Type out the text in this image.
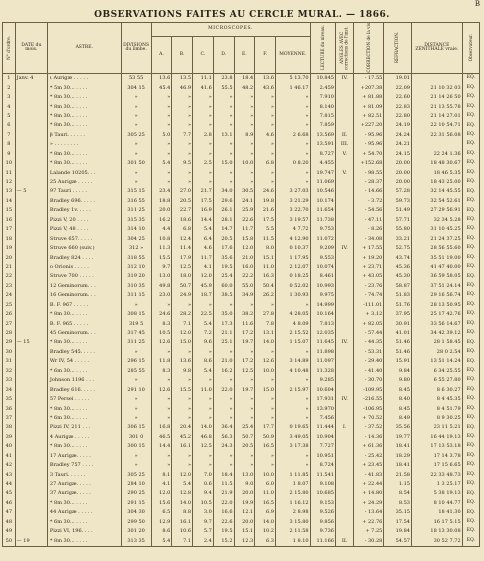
OBSERVATIONS FAITES AU CERCLE MURAL. — 1866.
B
N° d'ordre.	DATE du mois.	ASTRE.	DIVISIONS du limbe.	MICROSCOPES.							LECTURE du niveau.	ANGLES AVEC corrections de l'inst.	CORRECTION de la vis	RÉFRACTION.	DISTANCE ZÉNITHALE vraie.	Observateur.

				A.	B.	C.	D.	E.	F.	MOYENNE.						
1	Janv. 4	ι Aurigæ . . . . .	53 55	13.6	13.5	11.1	23.8	18.4	13.6	5 13.70	10.845	IV.	- 17.55	19.01		EQ.
2		* 5m 30... . . . .	304 15	45.4	46.9	41.6	55.5	48.2	43.6	1 46.17	2.459		+207.38	22.09	21 10 32 03	EQ.
3		* 8m 30... . . . .	»	»	»	»	»	»	»	»	7.910		+ 81.88	22.60	21 14 26 50	EQ.
4		* 8m 30... . . . .	»	»	»	»	»	»	»	»	8.140		+ 81.09	22.83	21 13 55.78	EQ.
5		* 8m 30... . . . .	»	»	»	»	»	»	»	»	7.815		+ 82.51	22.80	21 14 27.01	EQ.
6		* 8m 30... . . . .	»	»	»	»	»	»	»	»	7.859		+227.20	24.19	22 10 54.71	EQ.
7		β Tauri. . . . . .	305 25	5.0	7.7	2.8	13.1	8.9	4.6	2 6.68	13.569	II.	- 95.96	24.24	22 31 56.08	EQ.
8		» . . . . . . . .	»	»	»	»	»	»	»	»	13.591	III.	- 95.96	24.21		EQ.
9		* 8m 30... . . . .	»	»	»	»	»	»	»	»	8.727	V.	+ 54.70	24.15	22 24 1.36	EQ.
10		* 8m 30... . . . .	301 50	5.4	9.5	2.5	15.0	10.0	6.8	0 8.20	4.455		+152.68	20.00	18 48 30.67	EQ.
11		Lalande 10205. . .	»	»	»	»	»	»	»	»	19.747	V.	- 98.55	20.00	18 46 5.35	EQ.
12		25 Aurigæ . . . . .	»	»	»	»	»	»	»	»	11.069		- 28.37	20.00	18 43 25.00	EQ.
13	— 5	97 Tauri . . . . .	315 15	23.4	27.0	21.7	34.0	30.5	24.6	3 27.03	10.546		- 14.66	57.28	32 14 45.55	EQ.
14		Bradley 696. . . . .	316 55	18.8	20.5	17.5	29.6	24.1	19.8	3 21.29	10.174		- 3.72	59.73	32 54 52.61	EQ.
15		Bradley 1v. . . . .	311 25	20.0	22.7	16.9	26.1	25.9	21.6	3 22.70	11.654		- 54.56	51.49	27 29 56.91	EQ.
16		Pizzi V, 20 . . . .	315 35	16.2	18.6	14.4	28.1	22.6	17.5	3 19.57	11.738		- 47.11	57.71	32 34 5.28	EQ.
17		Pizzi V, 48 . . . .	314 10	4.4	6.8	5.4	14.7	11.7	5.5	4 7.72	9.753		- 8.26	55.80	31 10 45.25	EQ.
18		Struve 657. . . . .	304 25	10.8	12.4	6.4	20.5	15.8	11.5	4 12.90	11.072		- 34.08	33.21	21 24 37.25	EQ.
19		Struve 660 (suiv.)	312 »	11.3	11.4	4.6	17.6	12.0	8.0	0 10.37	9.209	IV.	+ 17.55	52.75	28 56 55.60	EQ.
20		Bradley 824 . . . .	318 55	15.5	17.9	11.7	35.6	21.0	15.1	1 17.95	9.553		+ 19.20	43.74	35 51 19.00	EQ.
21		ο Orionis . . . . .	312 10	9.7	12.5	4.1	19.5	16.0	11.0	2 12.07	10.074		+ 23.71	45.36	41 47 40.00	EQ.
22		Struve 700 . . . . .	319 20	13.0	18.0	12.0	25.4	22.2	16.3	0 18.25	8.461		+ 43.05	45.30	36 59 58.05	EQ.
23		12 Geminorum. . .	310 35	49.8	50.7	45.9	60.0	55.0	50.4	0 52.02	10.993		- 23.76	58.87	37 51 24.14	EQ.
24		16 Geminorum. . .	311 15	23.0	24.9	18.7	38.5	34.9	26.2	1 30.93	9.975		- 74.74	51.83	29 16 56.74	EQ.
25		B. F. 967 . . . . .	»	»	»	»	»	»	»	»	14.999		-111.01	51.76	28 13 50.95	EQ.
26		* 8m 30... . . . .	308 15	24.6	28.2	22.5	35.0	38.2	27.8	4 28.05	10.164		+ 3.12	37.95	25 17 42.76	EQ.
27		B. F. 965 . . . . .	319 5	8.3	7.1	5.4	17.3	11.6	7.8	4 8.09	7.813		+ 82.05	30.91	33 56 14.67	EQ.
28		45 Geminorum. . .	317 45	10.5	12.0	7.2	21.1	17.2	13.1	2 15.52	12.035		- 57.44	41.01	34 42 39.12	EQ.
29	— 15	* 8m 30... . . . .	311 25	12.6	15.0	9.6	25.1	19.7	14.0	1 15.07	11.645	IV.	- 44.35	51.46	28 1 58.45	EQ.
30		Bradley 545. . . . .	»	»	»	»	»	»	»	»	11.898		- 53.31	51.46	28 0 2.54	EQ.
31		Wr IV, 54 . . . . .	296 15	11.8	13.6	8.6	21.0	17.2	12.6	3 14.89	11.097		- 29.40	15.91	13 51 14.24	EQ.
32		* 6m 30... . . . .	285 55	8.3	9.8	5.4	16.2	12.5	10.0	4 10.48	11.328		- 41.40	9.84	6 34 25.55	EQ.
33		Johnson 1196 . . .	»	»	»	»	»	»	»	»	9.285		- 30.70	9.80	6 55 27.80	EQ.
34		Bradley 616. . . . .	291 10	12.6	15.5	11.0	22.0	19.7	15.0	2 15.97	10.604		-109.95	8.45	8 6 30.27	EQ.
35		57 Persei . . . . .	»	»	»	»	»	»	»	»	17.931	IV.	-216.55	8.40	8 4 45.35	EQ.
36		* 8m 30... . . . .	»	»	»	»	»	»	»	»	13.970		-106.95	8.45	8 4 51.79	EQ.
37		* 6m 30... . . . .	»	»	»	»	»	»	»	»	7.456		+ 70.52	8.49	8 9 30.25	EQ.
38		Pizzi IV, 211 . . .	306 15	16.8	20.4	14.0	36.4	25.4	17.7	0 19.65	11.444	I.	- 37.52	35.56	23 11 5.21	EQ.
39		4 Aurigæ . . . . .	301 0	46.5	45.2	46.8	56.3	50.7	50.9	3 49.05	10.904		- 14.36	19.77	16 44 19.13	EQ.
40		* 8m 30... . . . .	300 15	14.4	16.1	12.5	24.3	20.5	16.5	3 17.38	7.727		+ 61.36	18.41	17 13 53.18	EQ.
41		17 Aurigæ. . . . .	»	»	»	»	»	»	»	»	10.951		- 25.42	18.29	17 14 3.78	EQ.
42		Bradley 757 . . . .	»	»	»	»	»	»	»	»	8.724		+ 23.45	18.41	17 15 6.65	EQ.
43		3 Tauri. . . . . .	305 25	8.1	12.0	7.0	18.4	13.0	10.0	1 11.85	11.541		- 41.83	21.58	22 33 48.73	EQ.
44		27 Aurigæ. . . . .	284 10	4.1	5.4	0.6	11.5	9.0	6.0	1 8.07	9.108		+ 22.44	1.15	1 3 25.17	EQ.
45		37 Aurigæ. . . . .	290 25	12.0	12.8	9.4	21.9	20.0	11.0	2 15.80	10.685		+ 14.80	8.54	5 38 19.13	EQ.
46		* 8m 30... . . . .	291 15	15.6	14.0	10.5	22.0	19.9	16.5	1 16.12	9.153		+ 24.29	8.53	8 10 44.77	EQ.
47		44 Aurigæ . . . . .	304 30	6.5	8.8	3.0	16.6	12.1	6.9	2 8.98	9.526		- 13.64	35.15	18 41.30	EQ.
48		* 6m 30... . . . .	299 50	12.9	16.1	9.7	22.6	20.0	14.0	3 15.80	9.856		+ 22.76	17.54	16 17 5.15	EQ.
49		Pizzi VI, 196. . . .	301 20	8.6	10.6	5.7	19.5	15.1	10.2	2 11.58	9.736		+ 7.25	19.84	18 13 30.08	EQ.
50	— 19	* 8m 30... . . . .	313 35	5.4	7.1	2.4	15.2	12.3	6.3	1 8.10	11.166	II.	- 30.28	54.57	30 52 7.72	EQ.
